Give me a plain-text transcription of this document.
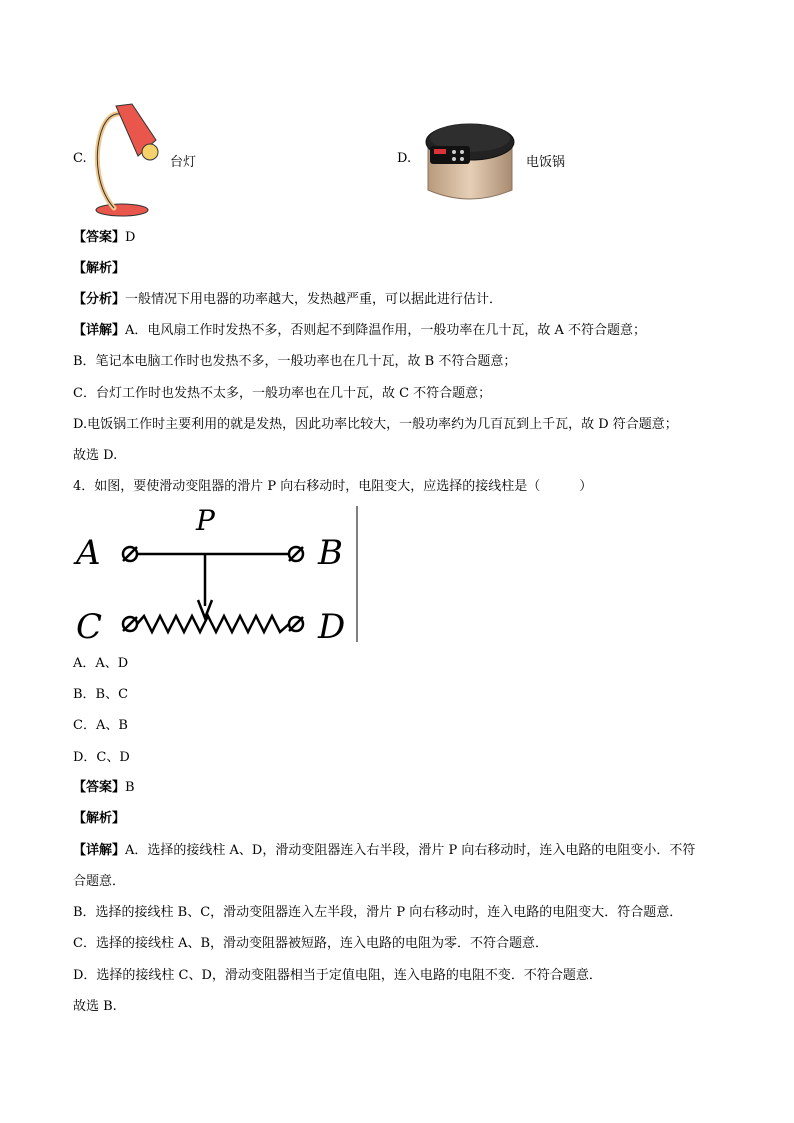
C.	台灯	D.	电饭锅
【答案】D
【解析】
【分析】一般情况下用电器的功率越大，发热越严重，可以据此进行估计．
【详解】A．电风扇工作时发热不多，否则起不到降温作用，一般功率在几十瓦，故 A 不符合题意；
B．笔记本电脑工作时也发热不多，一般功率也在几十瓦，故 B 不符合题意；
C．台灯工作时也发热不太多，一般功率也在几十瓦，故 C 不符合题意；
D.电饭锅工作时主要利用的就是发热，因此功率比较大，一般功率约为几百瓦到上千瓦，故 D 符合题意；
故选 D.
4．如图，要使滑动变阻器的滑片 P 向右移动时，电阻变大，应选择的接线柱是（　　　）
A	B
C	D
P
A．A、D
B．B、C
C．A、B
D．C、D
【答案】B
【解析】
【详解】A．选择的接线柱 A、D，滑动变阻器连入右半段，滑片 P 向右移动时，连入电路的电阻变小．不符
合题意．
B．选择的接线柱 B、C，滑动变阻器连入左半段，滑片 P 向右移动时，连入电路的电阻变大．符合题意．
C．选择的接线柱 A、B，滑动变阻器被短路，连入电路的电阻为零．不符合题意．
D．选择的接线柱 C、D，滑动变阻器相当于定值电阻，连入电路的电阻不变．不符合题意．
故选 B.
